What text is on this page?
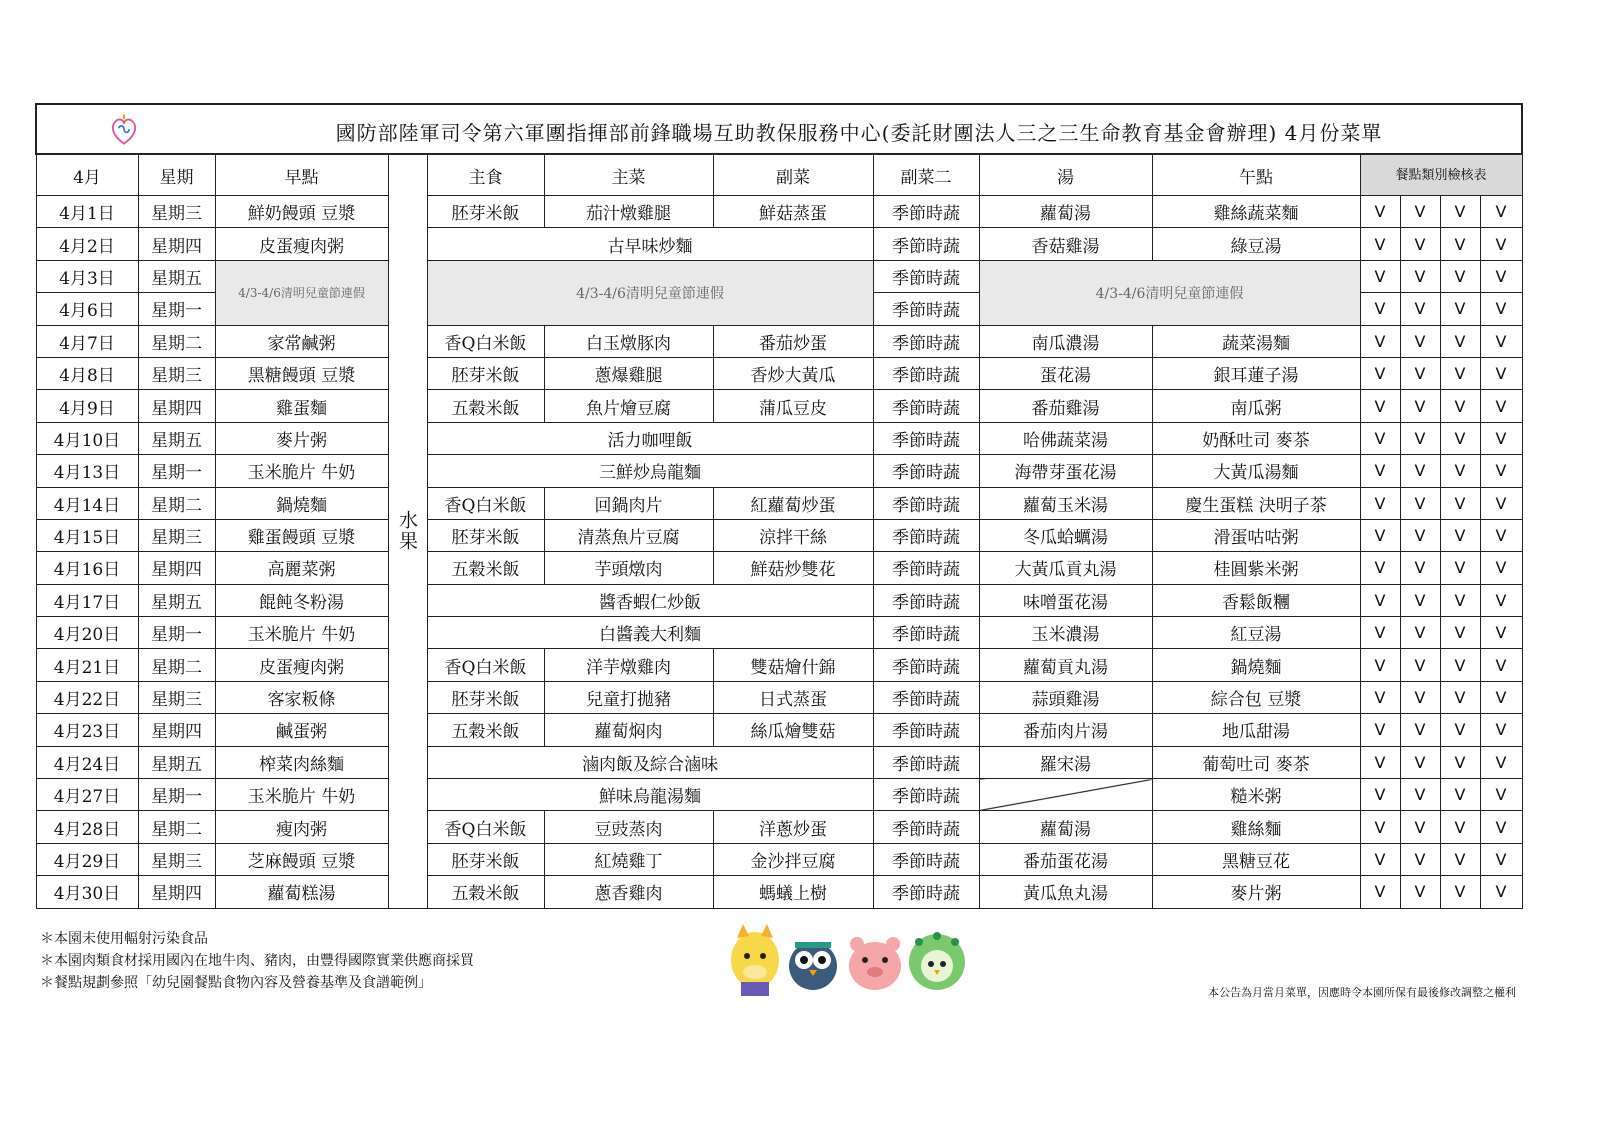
國防部陸軍司令第六軍團指揮部前鋒職場互助教保服務中心(委託財團法人三之三生命教育基金會辦理) 4月份菜單													

4月	星期	早點	水果	主食	主菜	副菜	副菜二	湯	午點	餐點類別檢核表			
4月1日	星期三	鮮奶饅頭 豆漿		胚芽米飯	茄汁燉雞腿	鮮菇蒸蛋	季節時蔬	蘿蔔湯	雞絲蔬菜麵	V	V	V	V
4月2日	星期四	皮蛋瘦肉粥		古早味炒麵			季節時蔬	香菇雞湯	綠豆湯	V	V	V	V
4月3日	星期五	4/3-4/6清明兒童節連假		4/3-4/6清明兒童節連假			季節時蔬	4/3-4/6清明兒童節連假		V	V	V	V
4月6日	星期一						季節時蔬			V	V	V	V
4月7日	星期二	家常鹹粥		香Q白米飯	白玉燉豚肉	番茄炒蛋	季節時蔬	南瓜濃湯	蔬菜湯麵	V	V	V	V
4月8日	星期三	黑糖饅頭 豆漿		胚芽米飯	蔥爆雞腿	香炒大黃瓜	季節時蔬	蛋花湯	銀耳蓮子湯	V	V	V	V
4月9日	星期四	雞蛋麵		五穀米飯	魚片燴豆腐	蒲瓜豆皮	季節時蔬	番茄雞湯	南瓜粥	V	V	V	V
4月10日	星期五	麥片粥		活力咖哩飯			季節時蔬	哈佛蔬菜湯	奶酥吐司 麥茶	V	V	V	V
4月13日	星期一	玉米脆片 牛奶		三鮮炒烏龍麵			季節時蔬	海帶芽蛋花湯	大黃瓜湯麵	V	V	V	V
4月14日	星期二	鍋燒麵		香Q白米飯	回鍋肉片	紅蘿蔔炒蛋	季節時蔬	蘿蔔玉米湯	慶生蛋糕 決明子茶	V	V	V	V
4月15日	星期三	雞蛋饅頭 豆漿		胚芽米飯	清蒸魚片豆腐	涼拌干絲	季節時蔬	冬瓜蛤蠣湯	滑蛋咕咕粥	V	V	V	V
4月16日	星期四	高麗菜粥		五穀米飯	芋頭燉肉	鮮菇炒雙花	季節時蔬	大黃瓜貢丸湯	桂圓紫米粥	V	V	V	V
4月17日	星期五	餛飩冬粉湯		醬香蝦仁炒飯			季節時蔬	味噌蛋花湯	香鬆飯糰	V	V	V	V
4月20日	星期一	玉米脆片 牛奶		白醬義大利麵			季節時蔬	玉米濃湯	紅豆湯	V	V	V	V
4月21日	星期二	皮蛋瘦肉粥		香Q白米飯	洋芋燉雞肉	雙菇燴什錦	季節時蔬	蘿蔔貢丸湯	鍋燒麵	V	V	V	V
4月22日	星期三	客家粄條		胚芽米飯	兒童打拋豬	日式蒸蛋	季節時蔬	蒜頭雞湯	綜合包 豆漿	V	V	V	V
4月23日	星期四	鹹蛋粥		五穀米飯	蘿蔔焖肉	絲瓜燴雙菇	季節時蔬	番茄肉片湯	地瓜甜湯	V	V	V	V
4月24日	星期五	榨菜肉絲麵		滷肉飯及綜合滷味			季節時蔬	羅宋湯	葡萄吐司 麥茶	V	V	V	V
4月27日	星期一	玉米脆片 牛奶		鮮味烏龍湯麵			季節時蔬		糙米粥	V	V	V	V
4月28日	星期二	瘦肉粥		香Q白米飯	豆豉蒸肉	洋蔥炒蛋	季節時蔬	蘿蔔湯	雞絲麵	V	V	V	V
4月29日	星期三	芝麻饅頭 豆漿		胚芽米飯	紅燒雞丁	金沙拌豆腐	季節時蔬	番茄蛋花湯	黑糖豆花	V	V	V	V
4月30日	星期四	蘿蔔糕湯		五穀米飯	蔥香雞肉	螞蟻上樹	季節時蔬	黃瓜魚丸湯	麥片粥	V	V	V	V
＊本園未使用輻射污染食品
＊本園肉類食材採用國內在地牛肉、豬肉，由豐得國際實業供應商採買
＊餐點規劃參照「幼兒園餐點食物內容及營養基準及食譜範例」
本公告為月當月菜單，因應時令本園所保有最後修改調整之權利
